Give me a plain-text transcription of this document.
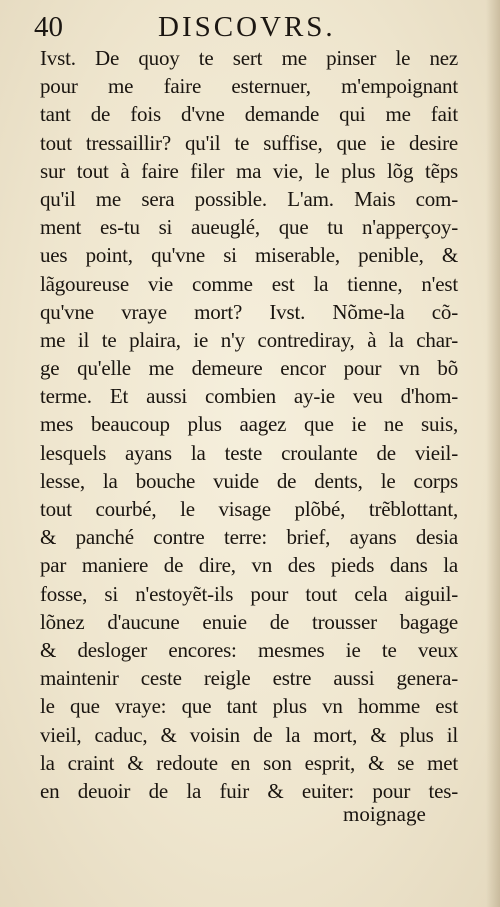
40	DISCOVRS.
Ivst. De quoy te sert me pinser le nez
pour me faire esternuer, m'empoignant
tant de fois d'vne demande qui me fait
tout tressaillir? qu'il te suffise, que ie desire
sur tout à faire filer ma vie, le plus lõg tẽps
qu'il me sera possible. L'am. Mais com-
ment es-tu si aueuglé, que tu n'apperçoy-
ues point, qu'vne si miserable, penible, &
lãgoureuse vie comme est la tienne, n'est
qu'vne vraye mort? Ivst. Nõme-la cõ-
me il te plaira, ie n'y contrediray, à la char-
ge qu'elle me demeure encor pour vn bõ
terme. Et aussi combien ay-ie veu d'hom-
mes beaucoup plus aagez que ie ne suis,
lesquels ayans la teste croulante de vieil-
lesse, la bouche vuide de dents, le corps
tout courbé, le visage plõbé, trẽblottant,
& panché contre terre: brief, ayans desia
par maniere de dire, vn des pieds dans la
fosse, si n'estoyẽt-ils pour tout cela aiguil-
lõnez d'aucune enuie de trousser bagage
& desloger encores: mesmes ie te veux
maintenir ceste reigle estre aussi genera-
le que vraye: que tant plus vn homme est
vieil, caduc, & voisin de la mort, & plus il
la craint & redoute en son esprit, & se met
en deuoir de la fuir & euiter: pour tes-
moignage
